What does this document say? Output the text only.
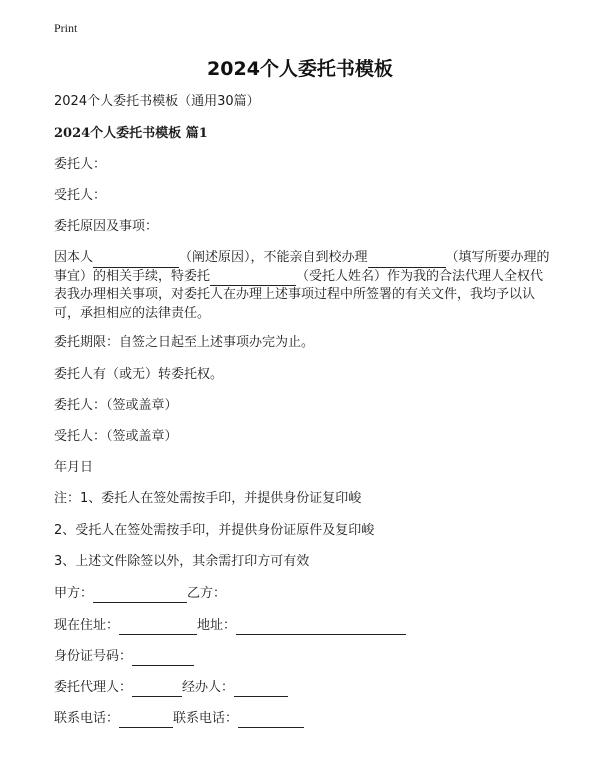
Print
2024个人委托书模板
2024个人委托书模板（通用30篇）
2024个人委托书模板 篇1
委托人：
受托人：
委托原因及事项：
因本人	（阐述原因），不能亲自到校办理	（填写所要办理的事宜）的相关手续，特委托	（受托人姓名）作为我的合法代理人全权代表我办理相关事项，对委托人在办理上述事项过程中所签署的有关文件，我均予以认可，承担相应的法律责任。
委托期限：自签之日起至上述事项办完为止。
委托人有（或无）转委托权。
委托人：（签或盖章）
受托人：（签或盖章）
年月日
注：1、委托人在签处需按手印，并提供身份证复印峻
2、受托人在签处需按手印，并提供身份证原件及复印峻
3、上述文件除签以外，其余需打印方可有效
甲方：	乙方：
现在住址：	地址：
身份证号码：
委托代理人：	经办人：
联系电话：	联系电话：
